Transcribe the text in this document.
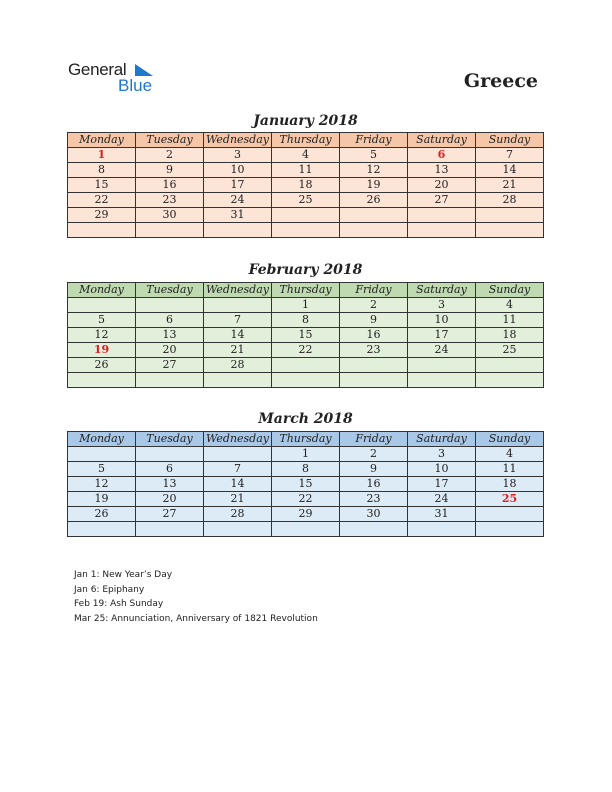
General
Blue	Greece
January 2018
Monday	Tuesday	Wednesday	Thursday	Friday	Saturday	Sunday
1	2	3	4	5	6	7
8	9	10	11	12	13	14
15	16	17	18	19	20	21
22	23	24	25	26	27	28
29	30	31				

February 2018
Monday	Tuesday	Wednesday	Thursday	Friday	Saturday	Sunday
			1	2	3	4
5	6	7	8	9	10	11
12	13	14	15	16	17	18
19	20	21	22	23	24	25
26	27	28				

March 2018
Monday	Tuesday	Wednesday	Thursday	Friday	Saturday	Sunday
			1	2	3	4
5	6	7	8	9	10	11
12	13	14	15	16	17	18
19	20	21	22	23	24	25
26	27	28	29	30	31	

Jan 1: New Year’s Day
Jan 6: Epiphany
Feb 19: Ash Sunday
Mar 25: Annunciation, Anniversary of 1821 Revolution
